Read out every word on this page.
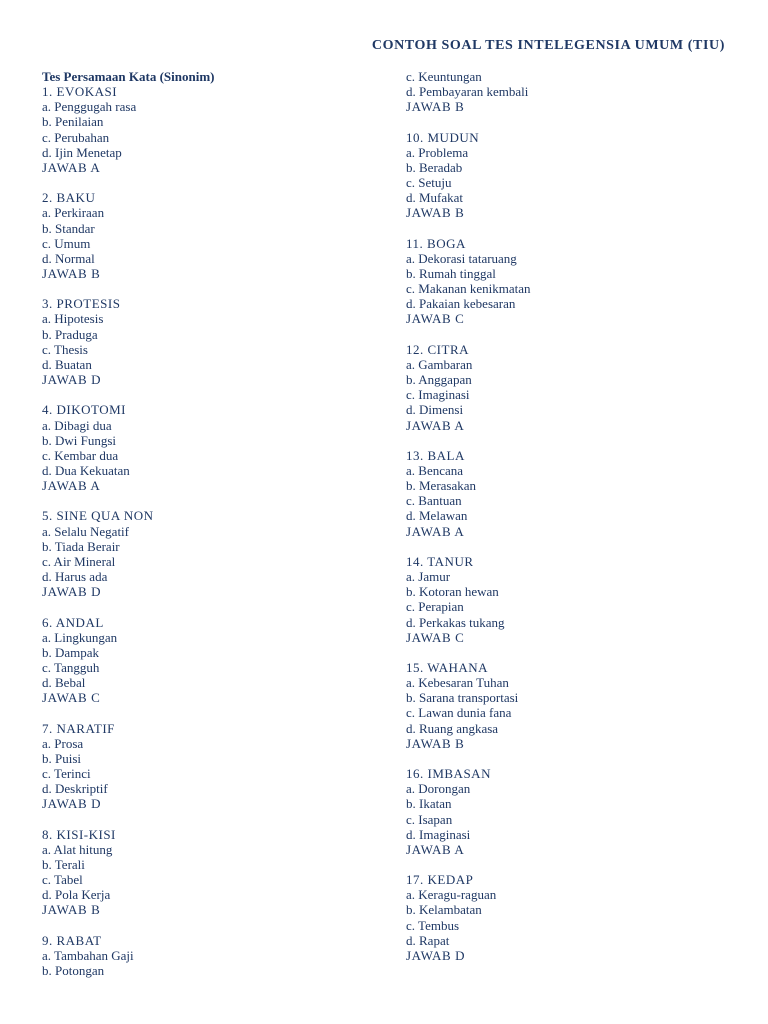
CONTOH SOAL TES INTELEGENSIA UMUM (TIU)
Tes Persamaan Kata (Sinonim)
1. EVOKASI
a. Penggugah rasa
b. Penilaian
c. Perubahan
d. Ijin Menetap
JAWAB A
2. BAKU
a. Perkiraan
b. Standar
c. Umum
d. Normal
JAWAB B
3. PROTESIS
a. Hipotesis
b. Praduga
c. Thesis
d. Buatan
JAWAB D
4. DIKOTOMI
a. Dibagi dua
b. Dwi Fungsi
c. Kembar dua
d. Dua Kekuatan
JAWAB A
5. SINE QUA NON
a. Selalu Negatif
b. Tiada Berair
c. Air Mineral
d. Harus ada
JAWAB D
6. ANDAL
a. Lingkungan
b. Dampak
c. Tangguh
d. Bebal
JAWAB C
7. NARATIF
a. Prosa
b. Puisi
c. Terinci
d. Deskriptif
JAWAB D
8. KISI-KISI
a. Alat hitung
b. Terali
c. Tabel
d. Pola Kerja
JAWAB B
9. RABAT
a. Tambahan Gaji
b. Potongan
c. Keuntungan
d. Pembayaran kembali
JAWAB B
10. MUDUN
a. Problema
b. Beradab
c. Setuju
d. Mufakat
JAWAB B
11. BOGA
a. Dekorasi tataruang
b. Rumah tinggal
c. Makanan kenikmatan
d. Pakaian kebesaran
JAWAB C
12. CITRA
a. Gambaran
b. Anggapan
c. Imaginasi
d. Dimensi
JAWAB A
13. BALA
a. Bencana
b. Merasakan
c. Bantuan
d. Melawan
JAWAB A
14. TANUR
a. Jamur
b. Kotoran hewan
c. Perapian
d. Perkakas tukang
JAWAB C
15. WAHANA
a. Kebesaran Tuhan
b. Sarana transportasi
c. Lawan dunia fana
d. Ruang angkasa
JAWAB B
16. IMBASAN
a. Dorongan
b. Ikatan
c. Isapan
d. Imaginasi
JAWAB A
17. KEDAP
a. Keragu-raguan
b. Kelambatan
c. Tembus
d. Rapat
JAWAB D
